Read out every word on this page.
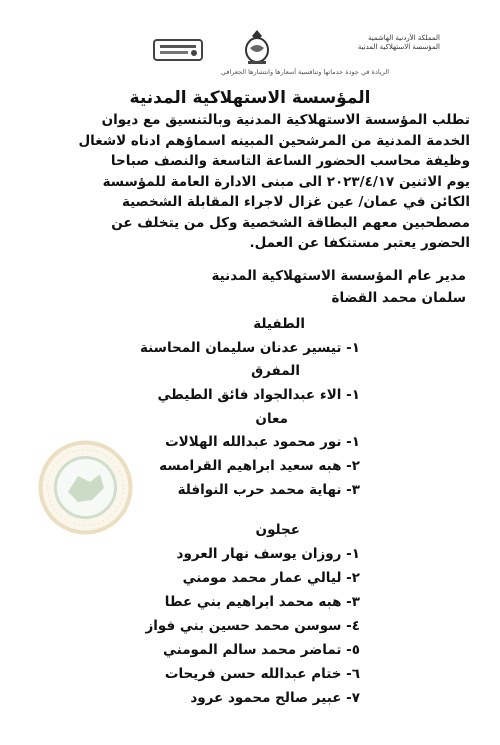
المملكة الأردنية الهاشمية
المؤسسة الاستهلاكية المدنية
الريادة في جودة خدماتها وتنافسية أسعارها وانتشارها الجغرافي
المؤسسة الاستهلاكية المدنية
تطلب المؤسسة الاستهلاكية المدنية وبالتنسيق مع ديوان
الخدمة المدنية من المرشحين المبينه اسماؤهم ادناه لاشغال
وظيفة محاسب الحضور الساعة التاسعة والنصف صباحا
يوم الاثنين ٢٠٢٣/٤/١٧ الى مبنى الادارة العامة للمؤسسة
الكائن في عمان/ عين غزال لاجراء المقابلة الشخصية
مصطحبين معهم البطاقة الشخصية وكل من يتخلف عن
الحضور يعتبر مستنكفا عن العمل.
مدير عام المؤسسة الاستهلاكية المدنية
سلمان محمد القضاة
الطفيلة
١- تيسير عدنان سليمان المحاسنة
المفرق
١- الاء عبدالجواد فائق الطيطي
معان
١- نور محمود عبدالله الهلالات
٢- هبه سعيد ابراهيم القرامسه
٣- نهاية محمد حرب النوافلة
عجلون
١- روزان يوسف نهار العرود
٢- ليالي عمار محمد مومني
٣- هبه محمد ابراهيم بني عطا
٤- سوسن محمد حسين بني فواز
٥- تماضر محمد سالم المومني
٦- ختام عبدالله حسن فريحات
٧- عبير صالح محمود عرود
